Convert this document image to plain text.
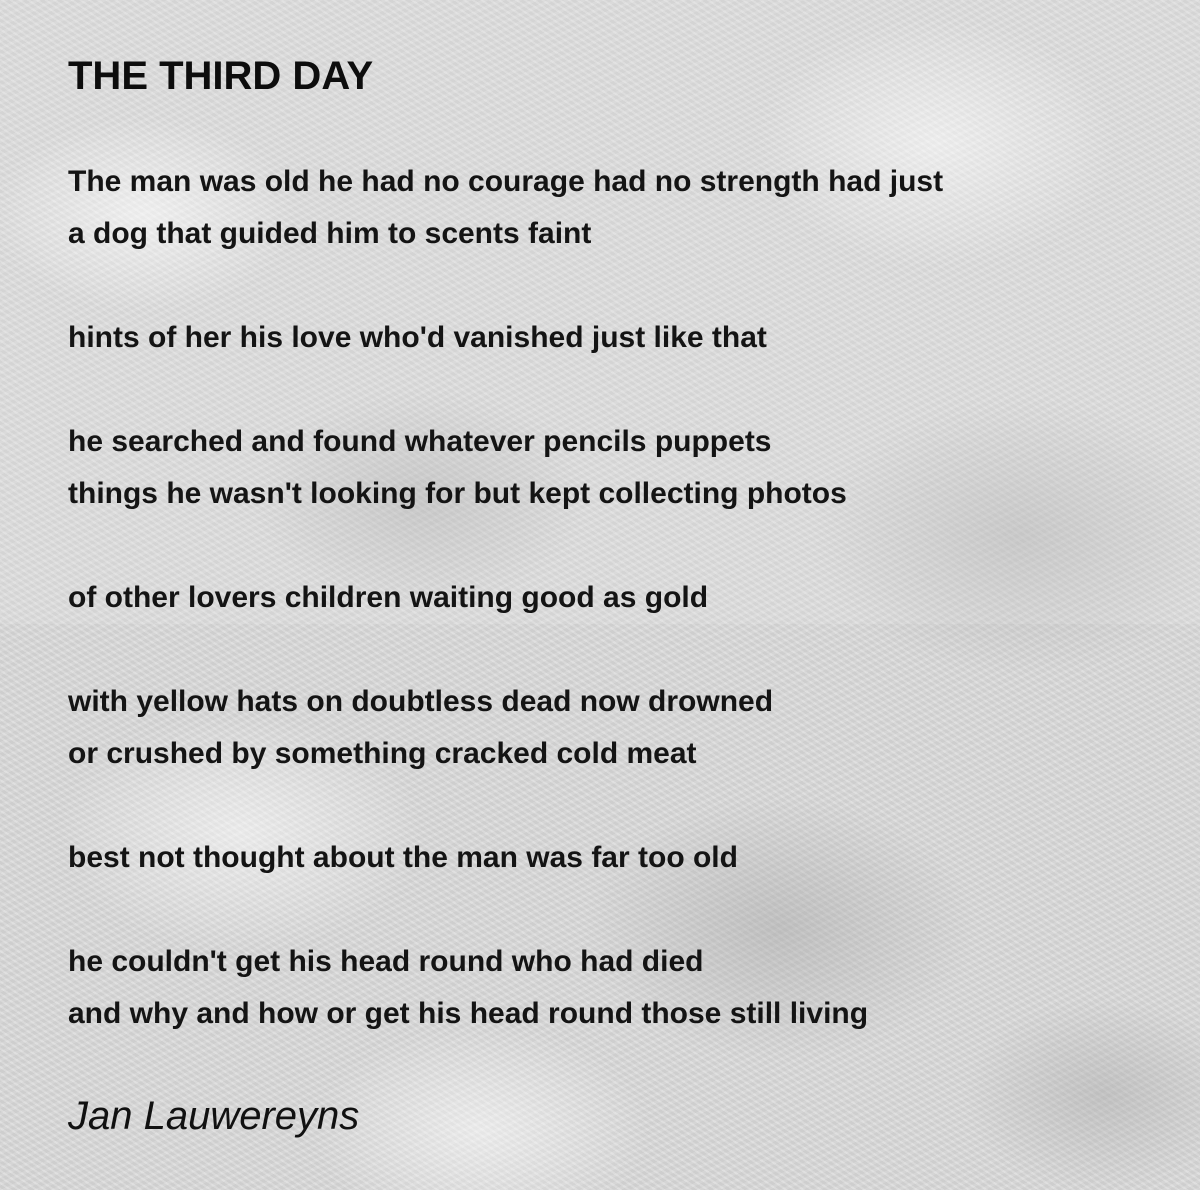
THE THIRD DAY
The man was old he had no courage had no strength had just
a dog that guided him to scents faint
hints of her his love who'd vanished just like that
he searched and found whatever pencils puppets
things he wasn't looking for but kept collecting photos
of other lovers children waiting good as gold
with yellow hats on doubtless dead now drowned
or crushed by something cracked cold meat
best not thought about the man was far too old
he couldn't get his head round who had died
and why and how or get his head round those still living
Jan Lauwereyns
